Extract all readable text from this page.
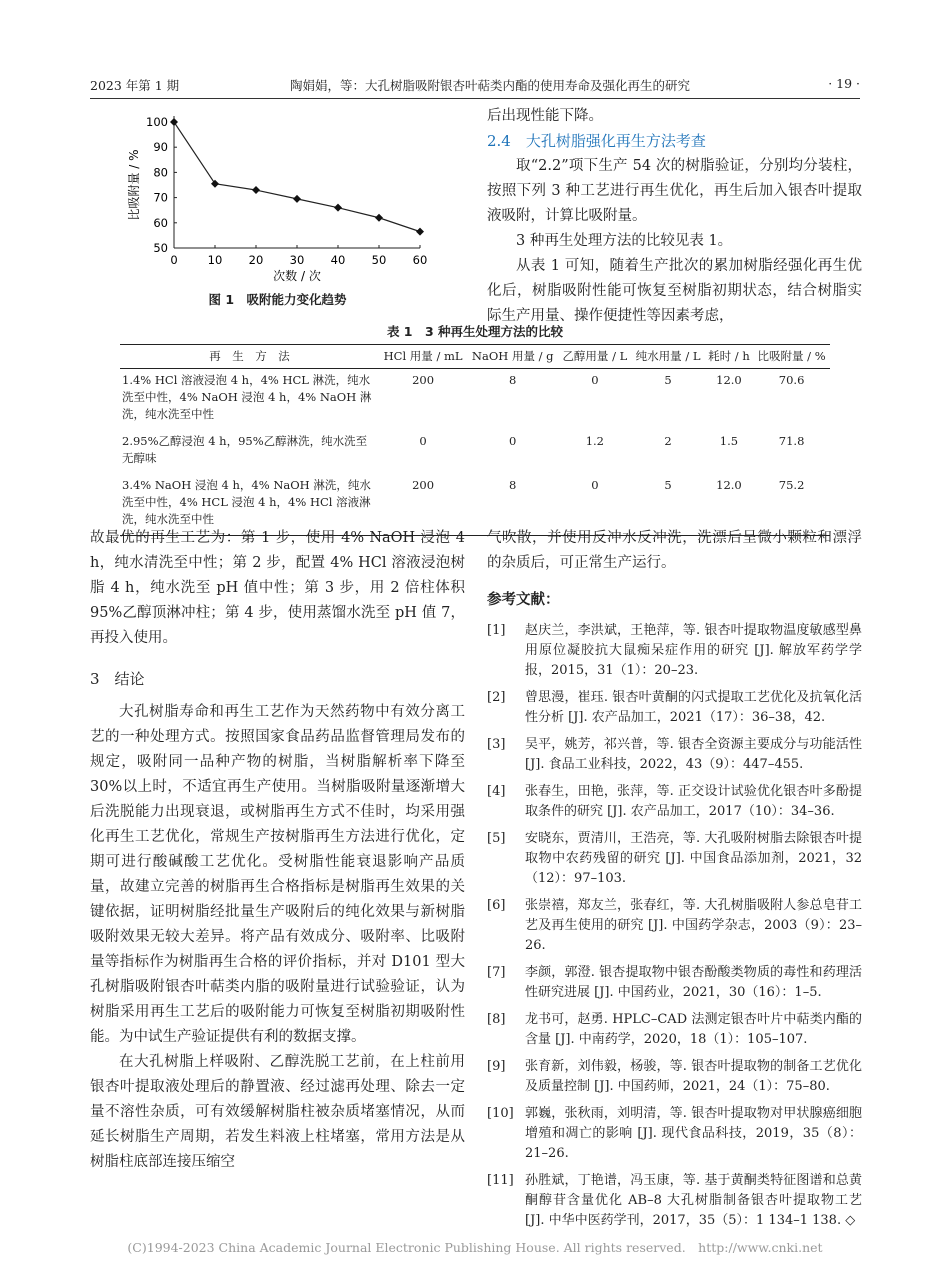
2023 年第 1 期	陶娟娟，等：大孔树脂吸附银杏叶萜类内酯的使用寿命及强化再生的研究	· 19 ·
0	10 20 30 40 50 60
50
60
70
80
90
100
次数 / 次
比吸附量 / %
图 1　吸附能力变化趋势

后出现性能下降。

2.4　大孔树脂强化再生方法考查

取“2.2”项下生产 54 次的树脂验证，分别均分装柱，按照下列 3 种工艺进行再生优化，再生后加入银杏叶提取液吸附，计算比吸附量。

3 种再生处理方法的比较见表 1。

从表 1 可知，随着生产批次的累加树脂经强化再生优化后，树脂吸附性能可恢复至树脂初期状态，结合树脂实际生产用量、操作便捷性等因素考虑，

表 1　3 种再生处理方法的比较
再　生　方　法	HCl 用量 / mL	NaOH 用量 / g	乙醇用量 / L	纯水用量 / L	耗时 / h	比吸附量 / %
1.4% HCl 溶液浸泡 4 h，4% HCL 淋洗，纯水洗至中性，4% NaOH 浸泡 4 h，4% NaOH 淋洗，纯水洗至中性	200	8	0	5	12.0	70.6
2.95%乙醇浸泡 4 h，95%乙醇淋洗，纯水洗至无醇味	0	0	1.2	2	1.5	71.8
3.4% NaOH 浸泡 4 h，4% NaOH 淋洗，纯水洗至中性，4% HCL 浸泡 4 h，4% HCl 溶液淋洗，纯水洗至中性	200	8	0	5	12.0	75.2

故最优的再生工艺为：第 1 步，使用 4% NaOH 浸泡 4 h，纯水清洗至中性；第 2 步，配置 4% HCl 溶液浸泡树脂 4 h，纯水洗至 pH 值中性；第 3 步，用 2 倍柱体积 95%乙醇顶淋冲柱；第 4 步，使用蒸馏水洗至 pH 值 7，再投入使用。

3　结论

大孔树脂寿命和再生工艺作为天然药物中有效分离工艺的一种处理方式。按照国家食品药品监督管理局发布的规定，吸附同一品种产物的树脂，当树脂解析率下降至 30%以上时，不适宜再生产使用。当树脂吸附量逐渐增大后洗脱能力出现衰退，或树脂再生方式不佳时，均采用强化再生工艺优化，常规生产按树脂再生方法进行优化，定期可进行酸碱酸工艺优化。受树脂性能衰退影响产品质量，故建立完善的树脂再生合格指标是树脂再生效果的关键依据，证明树脂经批量生产吸附后的纯化效果与新树脂吸附效果无较大差异。将产品有效成分、吸附率、比吸附量等指标作为树脂再生合格的评价指标，并对 D101 型大孔树脂吸附银杏叶萜类内脂的吸附量进行试验验证，认为树脂采用再生工艺后的吸附能力可恢复至树脂初期吸附性能。为中试生产验证提供有利的数据支撑。

在大孔树脂上样吸附、乙醇洗脱工艺前，在上柱前用银杏叶提取液处理后的静置液、经过滤再处理、除去一定量不溶性杂质，可有效缓解树脂柱被杂质堵塞情况，从而延长树脂生产周期，若发生料液上柱堵塞，常用方法是从树脂柱底部连接压缩空

气吹散，并使用反冲水反冲洗，洗漂后呈微小颗粒和漂浮的杂质后，可正常生产运行。

参考文献：
[1]	赵庆兰，李洪斌，王艳萍，等. 银杏叶提取物温度敏感型鼻用原位凝胶抗大鼠痴呆症作用的研究 [J]. 解放军药学学报，2015，31（1）：20–23.
[2]	曾思漫，崔珏. 银杏叶黄酮的闪式提取工艺优化及抗氧化活性分析 [J]. 农产品加工，2021（17）：36–38，42.
[3]	吴平，姚芳，祁兴普，等. 银杏全资源主要成分与功能活性 [J]. 食品工业科技，2022，43（9）：447–455.
[4]	张春生，田艳，张萍，等. 正交设计试验优化银杏叶多酚提取条件的研究 [J]. 农产品加工，2017（10）：34–36.
[5]	安晓东，贾清川，王浩亮，等. 大孔吸附树脂去除银杏叶提取物中农药残留的研究 [J]. 中国食品添加剂，2021，32（12）：97–103.
[6]	张崇禧，郑友兰，张春红，等. 大孔树脂吸附人参总皂苷工艺及再生使用的研究 [J]. 中国药学杂志，2003（9）：23–26.
[7]	李颜，郭澄. 银杏提取物中银杏酚酸类物质的毒性和药理活性研究进展 [J]. 中国药业，2021，30（16）：1–5.
[8]	龙书可，赵勇. HPLC–CAD 法测定银杏叶片中萜类内酯的含量 [J]. 中南药学，2020，18（1）：105–107.
[9]	张育新，刘伟毅，杨骏，等. 银杏叶提取物的制备工艺优化及质量控制 [J]. 中国药师，2021，24（1）：75–80.
[10] 郭巍，张秋雨，刘明清，等. 银杏叶提取物对甲状腺癌细胞增殖和凋亡的影响 [J]. 现代食品科技，2019，35（8）：21–26.
[11] 孙胜斌，丁艳谱，冯玉康，等. 基于黄酮类特征图谱和总黄酮醇苷含量优化 AB–8 大孔树脂制备银杏叶提取物工艺 [J]. 中华中医药学刊，2017，35（5）：1 134–1 138. ◇
(C)1994-2023 China Academic Journal Electronic Publishing House. All rights reserved.　http://www.cnki.net
